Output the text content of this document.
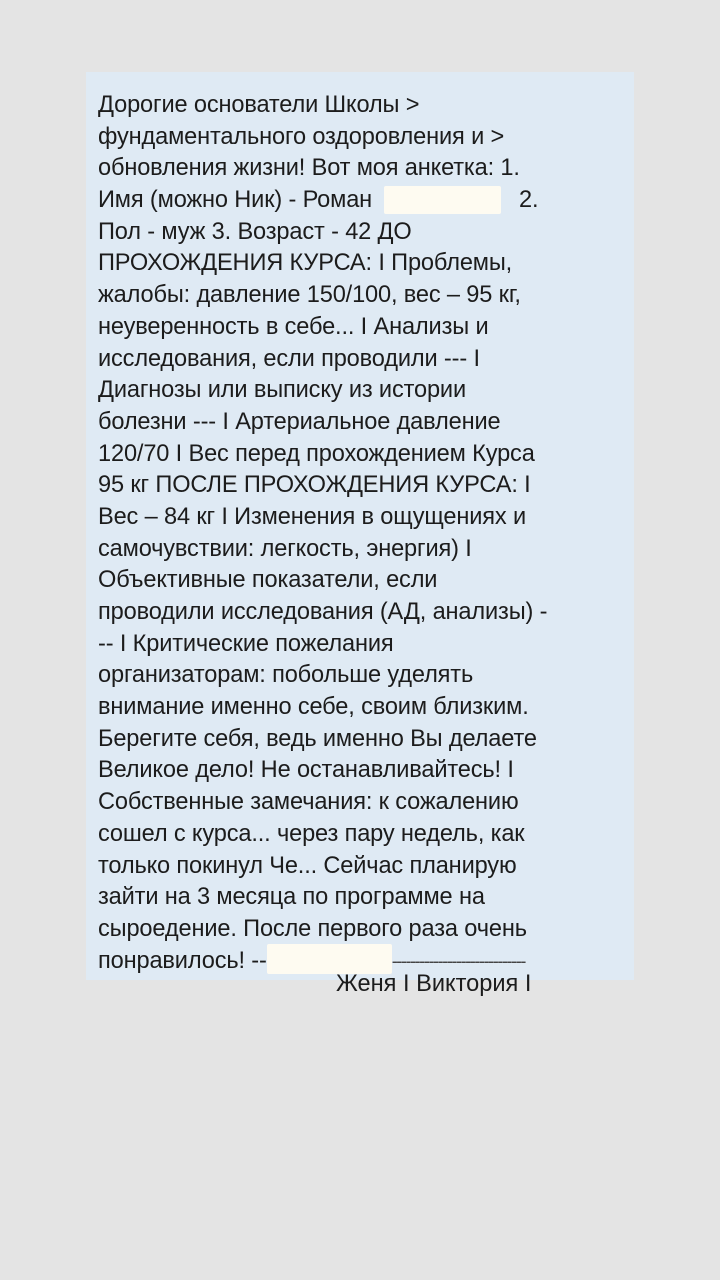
Дорогие основатели Школы >
фундаментального оздоровления и >
обновления жизни! Вот моя анкетка: 1.
Имя (можно Ник) - Роман	2.
Пол - муж 3. Возраст - 42 ДО
ПРОХОЖДЕНИЯ КУРСА: I Проблемы,
жалобы: давление 150/100, вес – 95 кг,
неуверенность в себе... I Анализы и
исследования, если проводили --- I
Диагнозы или выписку из истории
болезни --- I Артериальное давление
120/70 I Вес перед прохождением Курса
95 кг ПОСЛЕ ПРОХОЖДЕНИЯ КУРСА: I
Вес – 84 кг I Изменения в ощущениях и
самочувствии: легкость, энергия) I
Объективные показатели, если
проводили исследования (АД, анализы) -
-- I Критические пожелания
организаторам: побольше уделять
внимание именно себе, своим близким.
Берегите себя, ведь именно Вы делаете
Великое дело! Не останавливайтесь! I
Собственные замечания: к сожалению
сошел с курса... через пару недель, как
только покинул Че... Сейчас планирую
зайти на 3 месяца по программе на
сыроедение. После первого раза очень
понравилось! --	-----------------------------
Женя I Виктория I
